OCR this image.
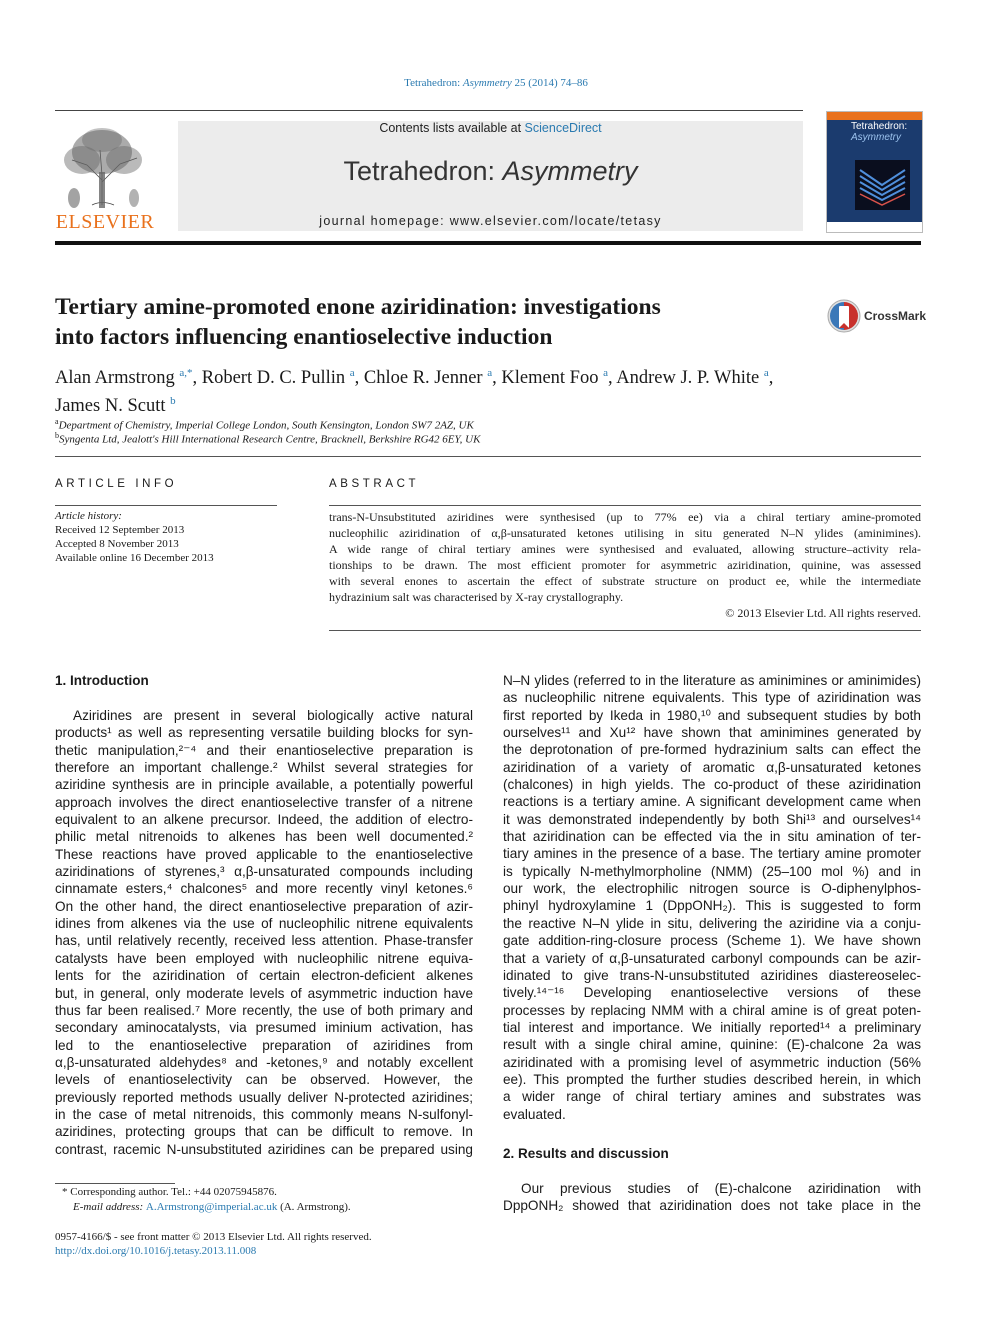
Tetrahedron: Asymmetry 25 (2014) 74–86
ELSEVIER
Contents lists available at ScienceDirect
Tetrahedron: Asymmetry
journal homepage: www.elsevier.com/locate/tetasy
Tetrahedron:
Asymmetry
Tertiary amine-promoted enone aziridination: investigations
into factors influencing enantioselective induction
CrossMark
Alan Armstrong $^{a,*}$, Robert D. C. Pullin $^a$, Chloe R. Jenner $^a$, Klement Foo $^a$, Andrew J. P. White $^a$,
James N. Scutt $^b$
$^a$Department of Chemistry, Imperial College London, South Kensington, London SW7 2AZ, UK
$^b$Syngenta Ltd, Jealott's Hill International Research Centre, Bracknell, Berkshire RG42 6EY, UK
ARTICLE INFO
Article history:
Received 12 September 2013
Accepted 8 November 2013
Available online 16 December 2013
ABSTRACT
trans-N-Unsubstituted aziridines were synthesised (up to 77% ee) via a chiral tertiary amine-promoted
nucleophilic aziridination of α,β-unsaturated ketones utilising in situ generated N–N ylides (aminimines).
A wide range of chiral tertiary amines were synthesised and evaluated, allowing structure–activity rela-
tionships to be drawn. The most efficient promoter for asymmetric aziridination, quinine, was assessed
with several enones to ascertain the effect of substrate structure on product ee, while the intermediate
hydrazinium salt was characterised by X-ray crystallography.
© 2013 Elsevier Ltd. All rights reserved.
1. Introduction
Aziridines are present in several biologically active natural
products¹ as well as representing versatile building blocks for syn-
thetic manipulation,²⁻⁴ and their enantioselective preparation is
therefore an important challenge.² Whilst several strategies for
aziridine synthesis are in principle available, a potentially powerful
approach involves the direct enantioselective transfer of a nitrene
equivalent to an alkene precursor. Indeed, the addition of electro-
philic metal nitrenoids to alkenes has been well documented.²
These reactions have proved applicable to the enantioselective
aziridinations of styrenes,³ α,β-unsaturated compounds including
cinnamate esters,⁴ chalcones⁵ and more recently vinyl ketones.⁶
On the other hand, the direct enantioselective preparation of azir-
idines from alkenes via the use of nucleophilic nitrene equivalents
has, until relatively recently, received less attention. Phase-transfer
catalysts have been employed with nucleophilic nitrene equiva-
lents for the aziridination of certain electron-deficient alkenes
but, in general, only moderate levels of asymmetric induction have
thus far been realised.⁷ More recently, the use of both primary and
secondary aminocatalysts, via presumed iminium activation, has
led to the enantioselective preparation of aziridines from
α,β-unsaturated aldehydes⁸ and -ketones,⁹ and notably excellent
levels of enantioselectivity can be observed. However, the
previously reported methods usually deliver N-protected aziridines;
in the case of metal nitrenoids, this commonly means N-sulfonyl-
aziridines, protecting groups that can be difficult to remove. In
contrast, racemic N-unsubstituted aziridines can be prepared using
N–N ylides (referred to in the literature as aminimines or aminimides)
as nucleophilic nitrene equivalents. This type of aziridination was
first reported by Ikeda in 1980,¹⁰ and subsequent studies by both
ourselves¹¹ and Xu¹² have shown that aminimines generated by
the deprotonation of pre-formed hydrazinium salts can effect the
aziridination of a variety of aromatic α,β-unsaturated ketones
(chalcones) in high yields. The co-product of these aziridination
reactions is a tertiary amine. A significant development came when
it was demonstrated independently by both Shi¹³ and ourselves¹⁴
that aziridination can be effected via the in situ amination of ter-
tiary amines in the presence of a base. The tertiary amine promoter
is typically N-methylmorpholine (NMM) (25–100 mol %) and in
our work, the electrophilic nitrogen source is O-diphenylphos-
phinyl hydroxylamine 1 (DppONH₂). This is suggested to form
the reactive N–N ylide in situ, delivering the aziridine via a conju-
gate addition-ring-closure process (Scheme 1). We have shown
that a variety of α,β-unsaturated carbonyl compounds can be azir-
idinated to give trans-N-unsubstituted aziridines diastereoselec-
tively.¹⁴⁻¹⁶ Developing enantioselective versions of these
processes by replacing NMM with a chiral amine is of great poten-
tial interest and importance. We initially reported¹⁴ a preliminary
result with a single chiral amine, quinine: (E)-chalcone 2a was
aziridinated with a promising level of asymmetric induction (56%
ee). This prompted the further studies described herein, in which
a wider range of chiral tertiary amines and substrates was
evaluated.
2. Results and discussion
Our previous studies of (E)-chalcone aziridination with
DppONH₂ showed that aziridination does not take place in the
* Corresponding author. Tel.: +44 02075945876.
E-mail address: A.Armstrong@imperial.ac.uk (A. Armstrong).
0957-4166/$ - see front matter © 2013 Elsevier Ltd. All rights reserved.
http://dx.doi.org/10.1016/j.tetasy.2013.11.008
